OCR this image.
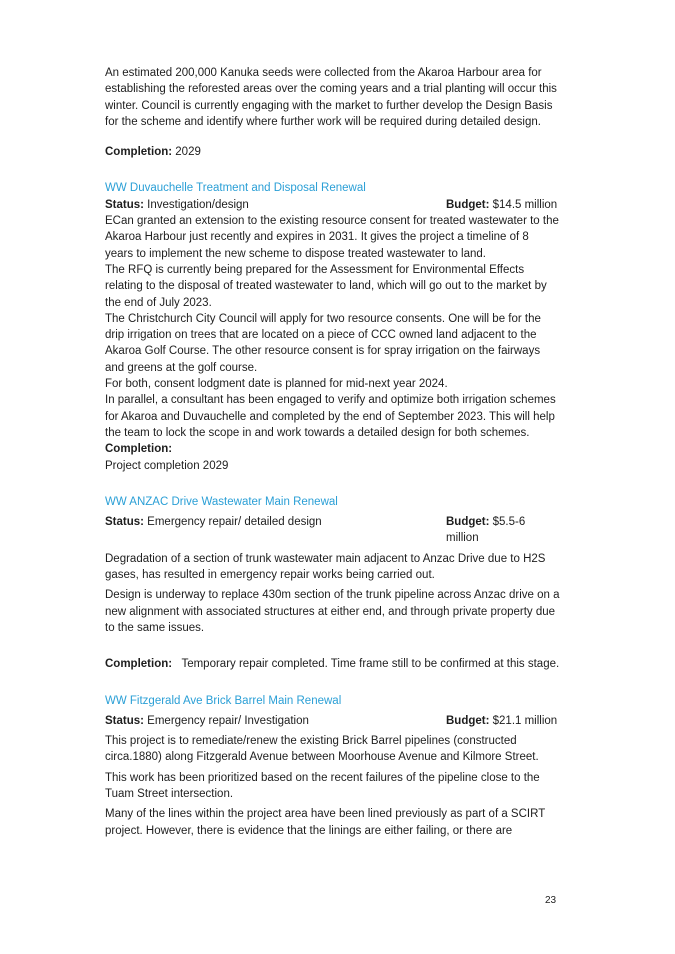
An estimated 200,000 Kanuka seeds were collected from the Akaroa Harbour area for establishing the reforested areas over the coming years and a trial planting will occur this winter. Council is currently engaging with the market to further develop the Design Basis for the scheme and identify where further work will be required during detailed design.

Completion: 2029

WW Duvauchelle Treatment and Disposal Renewal

Status: Investigation/design	Budget: $14.5 million

ECan granted an extension to the existing resource consent for treated wastewater to the Akaroa Harbour just recently and expires in 2031. It gives the project a timeline of 8 years to implement the new scheme to dispose treated wastewater to land.

The RFQ is currently being prepared for the Assessment for Environmental Effects relating to the disposal of treated wastewater to land, which will go out to the market by the end of July 2023.

The Christchurch City Council will apply for two resource consents. One will be for the drip irrigation on trees that are located on a piece of CCC owned land adjacent to the Akaroa Golf Course. The other resource consent is for spray irrigation on the fairways and greens at the golf course.

For both, consent lodgment date is planned for mid-next year 2024.

In parallel, a consultant has been engaged to verify and optimize both irrigation schemes for Akaroa and Duvauchelle and completed by the end of September 2023. This will help the team to lock the scope in and work towards a detailed design for both schemes.

Completion:

Project completion 2029

WW ANZAC Drive Wastewater Main Renewal

Status: Emergency repair/ detailed design	Budget: $5.5-6 million

Degradation of a section of trunk wastewater main adjacent to Anzac Drive due to H2S gases, has resulted in emergency repair works being carried out.

Design is underway to replace 430m section of the trunk pipeline across Anzac drive on a new alignment with associated structures at either end, and through private property due to the same issues.

Completion:   Temporary repair completed. Time frame still to be confirmed at this stage.

WW Fitzgerald Ave Brick Barrel Main Renewal

Status: Emergency repair/ Investigation	Budget: $21.1 million

This project is to remediate/renew the existing Brick Barrel pipelines (constructed circa.1880) along Fitzgerald Avenue between Moorhouse Avenue and Kilmore Street.

This work has been prioritized based on the recent failures of the pipeline close to the Tuam Street intersection.

Many of the lines within the project area have been lined previously as part of a SCIRT project. However, there is evidence that the linings are either failing, or there are

23
